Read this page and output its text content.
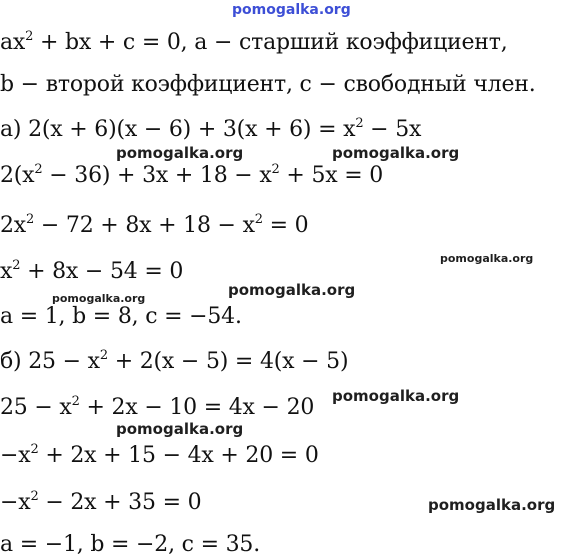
pomogalka.org
$ax^2$ + bx + c = 0, a − старший коэффициент,
b − второй коэффициент, c − свободный член.
а) $2(x + 6)(x - 6) + 3(x + 6) = x^2 - 5x$
pomogalka.org	pomogalka.org
$2(x^2 - 36) + 3x + 18 - x^2 + 5x = 0$
$2x^2 - 72 + 8x + 18 - x^2 = 0$
pomogalka.org
$x^2 + 8x - 54 = 0$
pomogalka.org
pomogalka.org
a = 1, b = 8, c = −54.
б) $25 - x^2 + 2(x - 5) = 4(x - 5)$
pomogalka.org
$25 - x^2 + 2x - 10 = 4x - 20$
pomogalka.org
$-x^2 + 2x + 15 - 4x + 20 = 0$
pomogalka.org
$-x^2 - 2x + 35 = 0$
a = −1, b = −2, c = 35.
